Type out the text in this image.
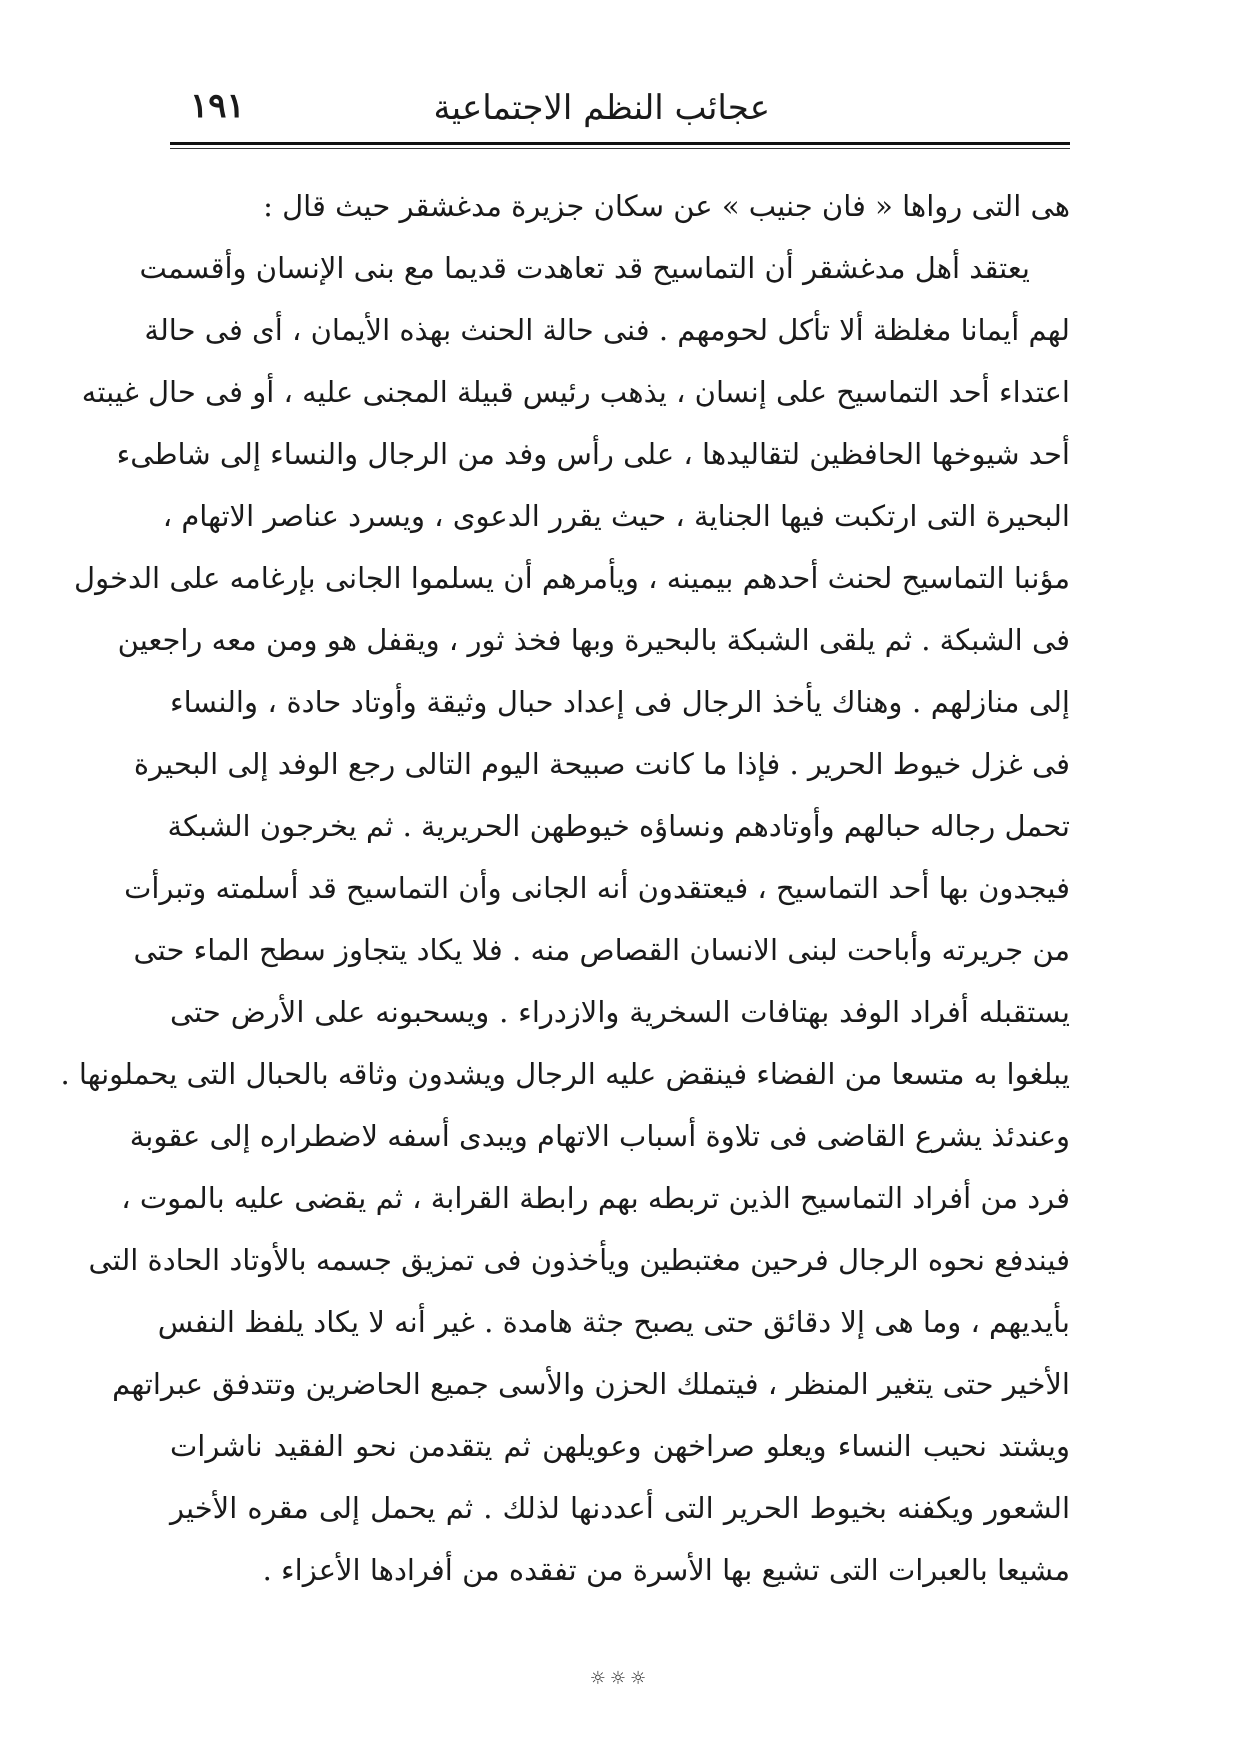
عجائب النظم الاجتماعية
١٩١
هى التى رواها « فان جنيب » عن سكان جزيرة مدغشقر حيث قال :
يعتقد أهل مدغشقر أن التماسيح قد تعاهدت قديما مع بنى الإنسان وأقسمت
لهم أيمانا مغلظة ألا تأكل لحومهم . فنى حالة الحنث بهذه الأيمان ، أى فى حالة
اعتداء أحد التماسيح على إنسان ، يذهب رئيس قبيلة المجنى عليه ، أو فى حال غيبته
أحد شيوخها الحافظين لتقاليدها ، على رأس وفد من الرجال والنساء إلى شاطىء
البحيرة التى ارتكبت فيها الجناية ، حيث يقرر الدعوى ، ويسرد عناصر الاتهام ،
مؤنبا التماسيح لحنث أحدهم بيمينه ، ويأمرهم أن يسلموا الجانى بإرغامه على الدخول
فى الشبكة . ثم يلقى الشبكة بالبحيرة وبها فخذ ثور ، ويقفل هو ومن معه راجعين
إلى منازلهم . وهناك يأخذ الرجال فى إعداد حبال وثيقة وأوتاد حادة ، والنساء
فى غزل خيوط الحرير . فإذا ما كانت صبيحة اليوم التالى رجع الوفد إلى البحيرة
تحمل رجاله حبالهم وأوتادهم ونساؤه خيوطهن الحريرية . ثم يخرجون الشبكة
فيجدون بها أحد التماسيح ، فيعتقدون أنه الجانى وأن التماسيح قد أسلمته وتبرأت
من جريرته وأباحت لبنى الانسان القصاص منه . فلا يكاد يتجاوز سطح الماء حتى
يستقبله أفراد الوفد بهتافات السخرية والازدراء . ويسحبونه على الأرض حتى
يبلغوا به متسعا من الفضاء فينقض عليه الرجال ويشدون وثاقه بالحبال التى يحملونها .
وعندئذ يشرع القاضى فى تلاوة أسباب الاتهام ويبدى أسفه لاضطراره إلى عقوبة
فرد من أفراد التماسيح الذين تربطه بهم رابطة القرابة ، ثم يقضى عليه بالموت ،
فيندفع نحوه الرجال فرحين مغتبطين ويأخذون فى تمزيق جسمه بالأوتاد الحادة التى
بأيديهم ، وما هى إلا دقائق حتى يصبح جثة هامدة . غير أنه لا يكاد يلفظ النفس
الأخير حتى يتغير المنظر ، فيتملك الحزن والأسى جميع الحاضرين وتتدفق عبراتهم
ويشتد نحيب النساء ويعلو صراخهن وعويلهن ثم يتقدمن نحو الفقيد ناشرات
الشعور ويكفنه بخيوط الحرير التى أعددنها لذلك . ثم يحمل إلى مقره الأخير
مشيعا بالعبرات التى تشيع بها الأسرة من تفقده من أفرادها الأعزاء .
☼☼☼
